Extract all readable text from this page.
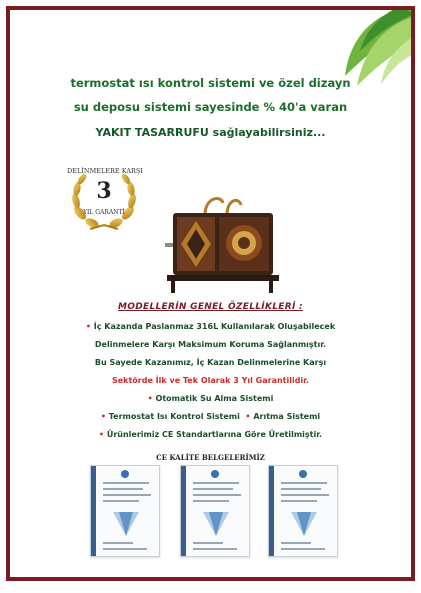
termostat ısı kontrol sistemi ve özel dizayn
su deposu sistemi sayesinde % 40'a varan
YAKIT TASARRUFU sağlayabilirsiniz...
DELİNMELERE KARŞI
3
YIL GARANTİ
MODELLERİN GENEL ÖZELLİKLERİ :
• İç Kazanda Paslanmaz 316L Kullanılarak Oluşabilecek
Delinmelere Karşı Maksimum Koruma Sağlanmıştır.
Bu Sayede Kazanımız, İç Kazan Delinmelerine Karşı
Sektörde İlk ve Tek Olarak 3 Yıl Garantilidir.
• Otomatik Su Alma Sistemi
• Termostat Isı Kontrol Sistemi • Arıtma Sistemi
• Ürünlerimiz CE Standartlarına Göre Üretilmiştir.
CE KALİTE BELGELERİMİZ
